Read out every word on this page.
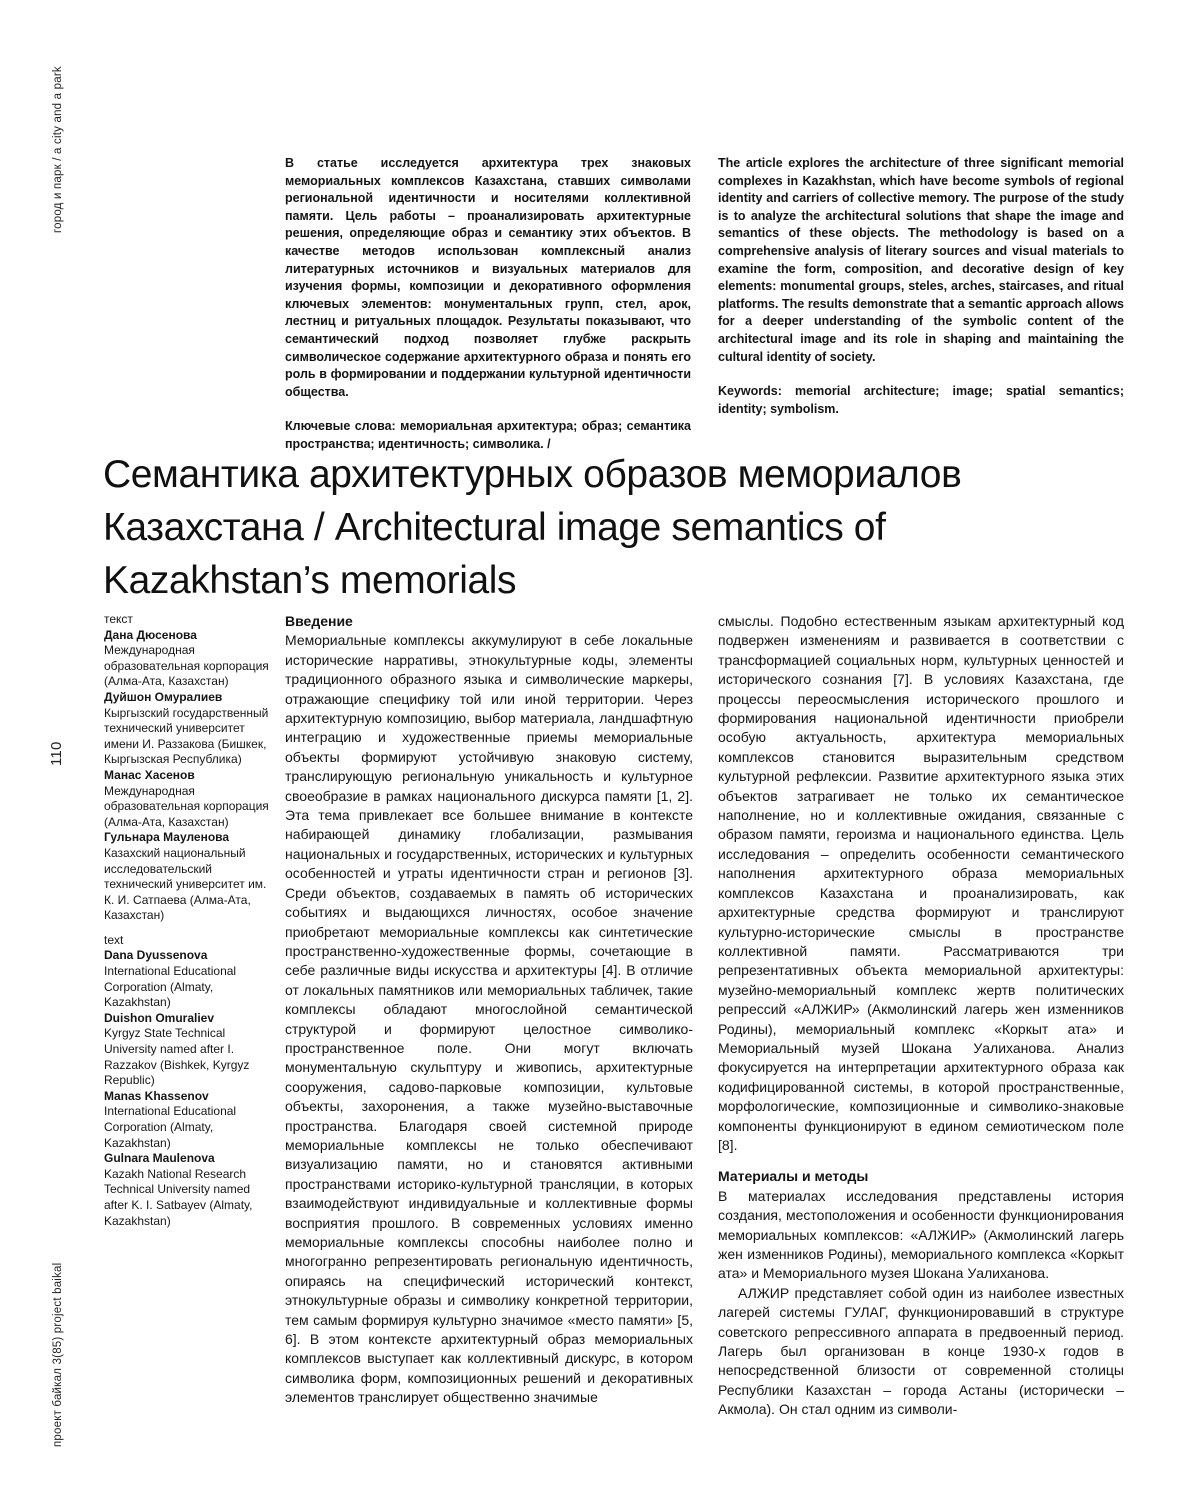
город и парк / a city and a park
110
проект байкал 3(85) project baikal

В статье исследуется архитектура трех знаковых мемориальных комплексов Казахстана, ставших символами региональной идентичности и носителями коллективной памяти. Цель работы – проанализировать архитектурные решения, определяющие образ и семантику этих объектов. В качестве методов использован комплексный анализ литературных источников и визуальных материалов для изучения формы, композиции и декоративного оформления ключевых элементов: монументальных групп, стел, арок, лестниц и ритуальных площадок. Результаты показывают, что семантический подход позволяет глубже раскрыть символическое содержание архитектурного образа и понять его роль в формировании и поддержании культурной идентичности общества.

Ключевые слова: мемориальная архитектура; образ; семантика пространства; идентичность; символика. /

The article explores the architecture of three significant memorial complexes in Kazakhstan, which have become symbols of regional identity and carriers of collective memory. The purpose of the study is to analyze the architectural solutions that shape the image and semantics of these objects. The methodology is based on a comprehensive analysis of literary sources and visual materials to examine the form, composition, and decorative design of key elements: monumental groups, steles, arches, staircases, and ritual platforms. The results demonstrate that a semantic approach allows for a deeper understanding of the symbolic content of the architectural image and its role in shaping and maintaining the cultural identity of society.

Keywords: memorial architecture; image; spatial semantics; identity; symbolism.

Семантика архитектурных образов мемориалов Казахстана / Architectural image semantics of Kazakhstan’s memorials
текст
Дана Дюсенова
Международная образовательная корпорация (Алма-Ата, Казахстан)
Дуйшон Омуралиев
Кыргызский государственный технический университет имени И. Раззакова (Бишкек, Кыргызская Республика)
Манас Хасенов
Международная образовательная корпорация (Алма-Ата, Казахстан)
Гульнара Мауленова
Казахский национальный исследовательский технический университет им. К. И. Сатпаева (Алма-Ата, Казахстан)
text
Dana Dyussenova
International Educational Corporation (Almaty, Kazakhstan)
Duishon Omuraliev
Kyrgyz State Technical University named after I. Razzakov (Bishkek, Kyrgyz Republic)
Manas Khassenov
International Educational Corporation (Almaty, Kazakhstan)
Gulnara Maulenova
Kazakh National Research Technical University named after K. I. Satbayev (Almaty, Kazakhstan)
Введение

Мемориальные комплексы аккумулируют в себе локальные исторические нарративы, этнокультурные коды, элементы традиционного образного языка и символические маркеры, отражающие специфику той или иной территории. Через архитектурную композицию, выбор материала, ландшафтную интеграцию и художественные приемы мемориальные объекты формируют устойчивую знаковую систему, транслирующую региональную уникальность и культурное своеобразие в рамках национального дискурса памяти [1, 2]. Эта тема привлекает все большее внимание в контексте набирающей динамику глобализации, размывания национальных и государственных, исторических и культурных особенностей и утраты идентичности стран и регионов [3]. Среди объектов, создаваемых в память об исторических событиях и выдающихся личностях, особое значение приобретают мемориальные комплексы как синтетические пространственно-художественные формы, сочетающие в себе различные виды искусства и архитектуры [4]. В отличие от локальных памятников или мемориальных табличек, такие комплексы обладают многослойной семантической структурой и формируют целостное символико-пространственное поле. Они могут включать монументальную скульптуру и живопись, архитектурные сооружения, садово-парковые композиции, культовые объекты, захоронения, а также музейно-выставочные пространства. Благодаря своей системной природе мемориальные комплексы не только обеспечивают визуализацию памяти, но и становятся активными пространствами историко-культурной трансляции, в которых взаимодействуют индивидуальные и коллективные формы восприятия прошлого. В современных условиях именно мемориальные комплексы способны наиболее полно и многогранно репрезентировать региональную идентичность, опираясь на специфический исторический контекст, этнокультурные образы и символику конкретной территории, тем самым формируя культурно значимое «место памяти» [5, 6]. В этом контексте архитектурный образ мемориальных комплексов выступает как коллективный дискурс, в котором символика форм, композиционных решений и декоративных элементов транслирует общественно значимые

смыслы. Подобно естественным языкам архитектурный код подвержен изменениям и развивается в соответствии с трансформацией социальных норм, культурных ценностей и исторического сознания [7]. В условиях Казахстана, где процессы переосмысления исторического прошлого и формирования национальной идентичности приобрели особую актуальность, архитектура мемориальных комплексов становится выразительным средством культурной рефлексии. Развитие архитектурного языка этих объектов затрагивает не только их семантическое наполнение, но и коллективные ожидания, связанные с образом памяти, героизма и национального единства. Цель исследования – определить особенности семантического наполнения архитектурного образа мемориальных комплексов Казахстана и проанализировать, как архитектурные средства формируют и транслируют культурно-исторические смыслы в пространстве коллективной памяти. Рассматриваются три репрезентативных объекта мемориальной архитектуры: музейно-мемориальный комплекс жертв политических репрессий «АЛЖИР» (Акмолинский лагерь жен изменников Родины), мемориальный комплекс «Коркыт ата» и Мемориальный музей Шокана Уалиханова. Анализ фокусируется на интерпретации архитектурного образа как кодифицированной системы, в которой пространственные, морфологические, композиционные и символико-знаковые компоненты функционируют в едином семиотическом поле [8].

Материалы и методы

В материалах исследования представлены история создания, местоположения и особенности функционирования мемориальных комплексов: «АЛЖИР» (Акмолинский лагерь жен изменников Родины), мемориального комплекса «Коркыт ата» и Мемориального музея Шокана Уалиханова.

АЛЖИР представляет собой один из наиболее известных лагерей системы ГУЛАГ, функционировавший в структуре советского репрессивного аппарата в предвоенный период. Лагерь был организован в конце 1930-х годов в непосредственной близости от современной столицы Республики Казахстан – города Астаны (исторически – Акмола). Он стал одним из символи-
